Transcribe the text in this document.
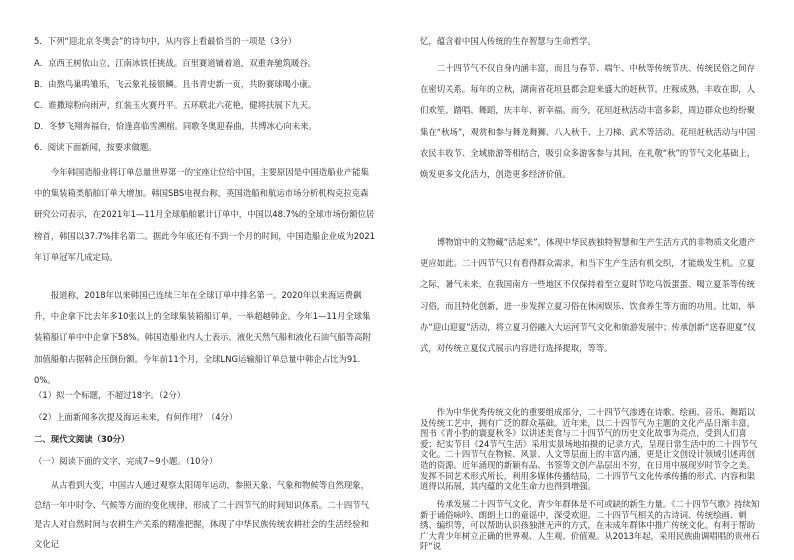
5．下列“迎北京冬奥会”的诗句中，从内容上看最恰当的一项是（3分）
A．京西王树依山立，江南冰铁任挑战。百里赛道铺着道，双重奔驰筑暖谷。
B．由熬鸟巢鸣雏乐，飞云象礼接银鳞。且书青史新一页，共盼赛球喝小康。
C．谁撒琼粉向雨声，红装玉火赛丹平。五环联北六花艳，健将扶展下九天。
D．冬梦飞翔奔福台，恰逢喜临雪溯棺。同歌冬奥迎春曲，共博冰心向未来。
6．阅读下面新闻，按要求做题。

今年韩国造船业将订单总量世界第一的宝座让位给中国，主要原因是中国造船业产能集中的集装箱类船舶订单大增加。韩国SBS电视台称，英国造船和航运市场分析机构克拉克森研究公司表示，在2021年1—11月全球船舶累计订单中，中国以48.7%的全球市场份额位居榜首，韩国以37.7%排名第二。据此今年底还有不到一个月的时间，中国造船企业成为2021年订单冠军几成定局。

报道称，2018年以来韩国已连续三年在全球订单中排名第一。2020年以来海运费飙升，中企拿下比去年多10张以上的全球集装箱船订单，一举超越韩企。今年1—11月全球集装箱船订单中中企拿下58%。韩国造船业内人士表示，液化天然气船和液化石油气船等高附加值船舶占据韩企压倒份额。今年前11个月，全球LNG运输船订单总量中韩企占比为91.0%。

（1）拟一个标题，不超过18字。（2分）
（2）上面新闻多次提及海运未来，有何作用？（4分）
二、现代文阅读（30分）
（一）阅读下面的文字，完成7~9小题。（10分）

从古看到大变，中国古人通过观察太阳周年运动，参照天象、气象和物候等自然现象，总结一年中时令、气候等方面的变化规律，形成了二十四节气的时间知识体系。二十四节气是古人对自然时间与农耕生产关系的精准把握，体现了中华民族传统农耕社会的生活经验和文化记

忆，蕴含着中国人传统的生存智慧与生命哲学。

二十四节气不仅自身内涵丰富，而且与春节、端午、中秋等传统节庆、传统民俗之间存在密切关系。每年的立秋，湖南省花垣县都会迎来盛大的赶秋节。庄稼成熟，丰收在即，人们欢笙、踏唱、舞蹈，庆丰年、祈幸福。而今，花垣赶秋活动丰富多彩，周边群众也纷纷聚集在“秋场”，观赏和参与舞龙舞狮、八人秋千、上刀梯、武术等活动。花垣赶秋活动与中国农民丰收节、全域旅游等相结合，吸引众多游客参与其间，在礼敬“秋”的节气文化基础上，焕发更多文化活力，创造更多经济价值。

博物馆中的文物藏“活起来”，体现中华民族独特智慧和生产生活方式的非物质文化遗产更应如此。二十四节气只有看得群众需求，和当下生产生活有机交织，才能焕发生机。立夏之际，暑气未来，在我国南方一些地区不仅保持着至立夏时节吃乌饭蛋蛋、喝立夏茶等传统习俗，而且特化创新，进一步发挥立夏习俗在休闲娱乐、饮食养生等方面的功用。比如，举办“迎山迎夏”活动，将立夏习俗融入大运河节气文化和旅游发展中；传承创新“送春迎夏”仪式，对传统立夏仪式展示内容进行选择提取，等等。

作为中华优秀传统文化的重要组成部分，二十四节气渗透在诗歌、绘画、音乐、舞蹈以及传统工艺中，拥有广泛的群众基础。近年来，以二十四节气为主题的文化产品日渐丰富，图书《青小豹的寰夏秋冬》以讲述美食与二十四节气的历史文化故事为亮点，受到人们喜爱；纪实节目《24节气生活》采用实景场地拍摄的记录方式，呈现日常生活中的二十四节气文化。二十四节气在物候、风景、人文等层面上的丰富内涵，更是让文创设计领域引述再创造的资源。近年涌现的新颖有品、书签等文创产品层出不穷，在日用中展现岁时节令之美。发挥不同艺术形式所长，利用多媒体传播结局，二十四节气文化传承传播的形式、内容和渠道得以拓展，其内蕴的文化生命力也得到增强。

传承发展二十四节气文化，青少年群体是不可或缺的新生力量。《二十四节气歌》持续知新于诵俗咏吟、朗朗上口的童谣中，深受欢迎。二十四节气相关的古诗词、传统绘画、刺绣、编织等，可以帮助认识孩独泄无声的方式，在未成年群体中推广传统文化。有利于帮助广大青少年树立正确的世界观、人生观、价值观。从2013年起，采用民族曲调唱唱的贵州石阡“说
